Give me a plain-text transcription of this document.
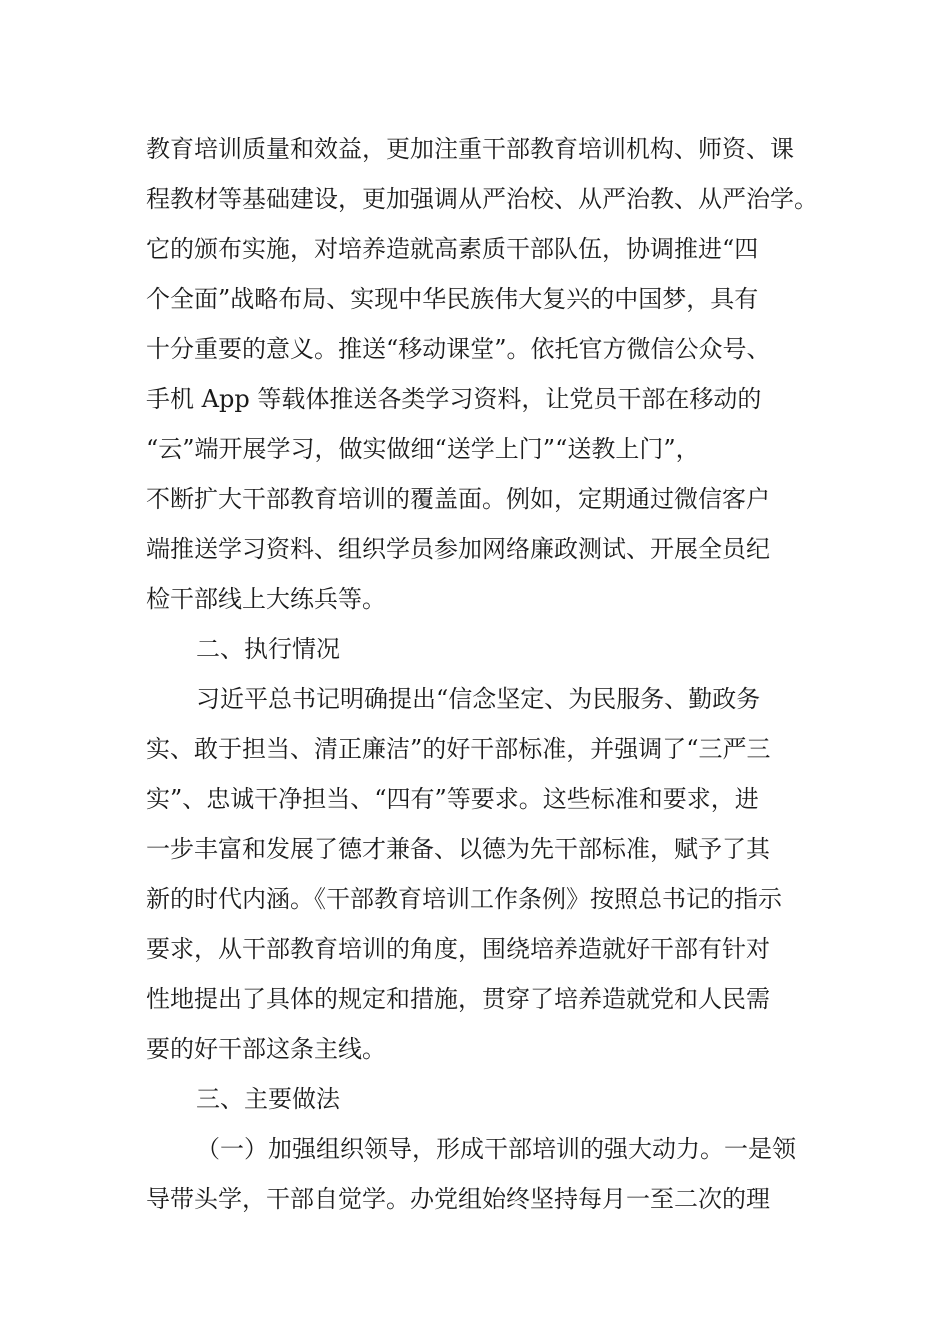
教育培训质量和效益，更加注重干部教育培训机构、师资、课
程教材等基础建设，更加强调从严治校、从严治教、从严治学。
它的颁布实施，对培养造就高素质干部队伍，协调推进“四
个全面”战略布局、实现中华民族伟大复兴的中国梦，具有
十分重要的意义。推送“移动课堂”。依托官方微信公众号、
手机 App 等载体推送各类学习资料，让党员干部在移动的
“云”端开展学习，做实做细“送学上门”“送教上门”，
不断扩大干部教育培训的覆盖面。例如，定期通过微信客户
端推送学习资料、组织学员参加网络廉政测试、开展全员纪
检干部线上大练兵等。
二、执行情况
习近平总书记明确提出“信念坚定、为民服务、勤政务
实、敢于担当、清正廉洁”的好干部标准，并强调了“三严三
实”、忠诚干净担当、“四有”等要求。这些标准和要求，进
一步丰富和发展了德才兼备、以德为先干部标准，赋予了其
新的时代内涵。《干部教育培训工作条例》按照总书记的指示
要求，从干部教育培训的角度，围绕培养造就好干部有针对
性地提出了具体的规定和措施，贯穿了培养造就党和人民需
要的好干部这条主线。
三、主要做法
（一）加强组织领导，形成干部培训的强大动力。一是领
导带头学，干部自觉学。办党组始终坚持每月一至二次的理
